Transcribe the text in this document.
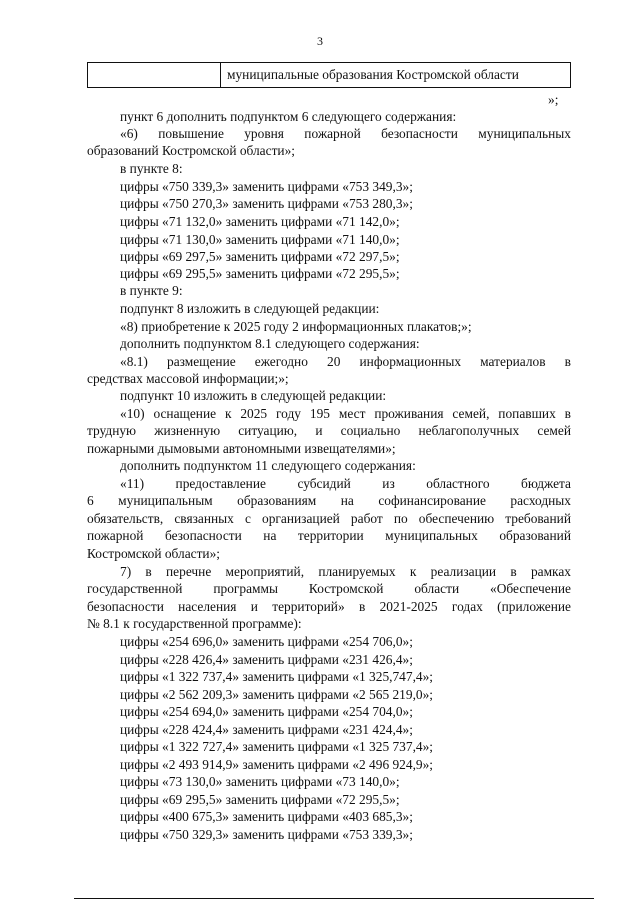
3
муниципальные образования Костромской области
»;
пункт 6 дополнить подпунктом 6 следующего содержания:
«6) повышение уровня пожарной безопасности муниципальных
образований Костромской области»;
в пункте 8:
цифры «750 339,3» заменить цифрами «753 349,3»;
цифры «750 270,3» заменить цифрами «753 280,3»;
цифры «71 132,0» заменить цифрами «71 142,0»;
цифры «71 130,0» заменить цифрами «71 140,0»;
цифры «69 297,5» заменить цифрами «72 297,5»;
цифры «69 295,5» заменить цифрами «72 295,5»;
в пункте 9:
подпункт 8 изложить в следующей редакции:
«8) приобретение к 2025 году 2 информационных плакатов;»;
дополнить подпунктом 8.1 следующего содержания:
«8.1) размещение ежегодно 20 информационных материалов в
средствах массовой информации;»;
подпункт 10 изложить в следующей редакции:
«10) оснащение к 2025 году 195 мест проживания семей, попавших в
трудную жизненную ситуацию, и социально неблагополучных семей
пожарными дымовыми автономными извещателями»;
дополнить подпунктом 11 следующего содержания:
«11) предоставление субсидий из областного бюджета
6 муниципальным образованиям на софинансирование расходных
обязательств, связанных с организацией работ по обеспечению требований
пожарной безопасности на территории муниципальных образований
Костромской области»;
7) в перечне мероприятий, планируемых к реализации в рамках
государственной программы Костромской области «Обеспечение
безопасности населения и территорий» в 2021-2025 годах (приложение
№ 8.1 к государственной программе):
цифры «254 696,0» заменить цифрами «254 706,0»;
цифры «228 426,4» заменить цифрами «231 426,4»;
цифры «1 322 737,4» заменить цифрами «1 325,747,4»;
цифры «2 562 209,3» заменить цифрами «2 565 219,0»;
цифры «254 694,0» заменить цифрами «254 704,0»;
цифры «228 424,4» заменить цифрами «231 424,4»;
цифры «1 322 727,4» заменить цифрами «1 325 737,4»;
цифры «2 493 914,9» заменить цифрами «2 496 924,9»;
цифры «73 130,0» заменить цифрами «73 140,0»;
цифры «69 295,5» заменить цифрами «72 295,5»;
цифры «400 675,3» заменить цифрами «403 685,3»;
цифры «750 329,3» заменить цифрами «753 339,3»;
